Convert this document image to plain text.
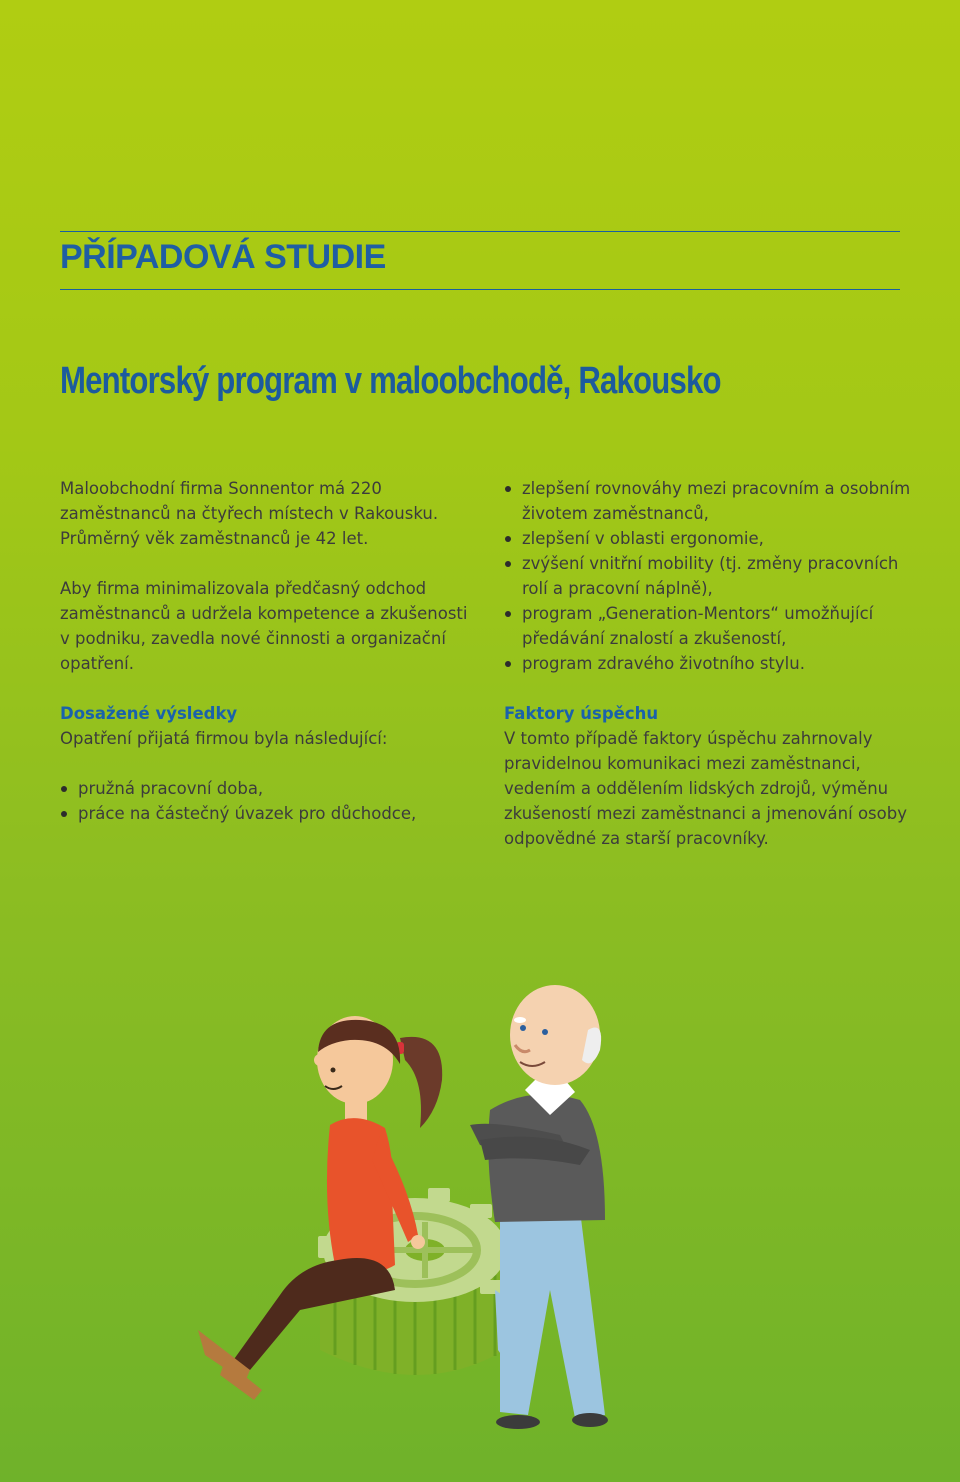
PŘÍPADOVÁ STUDIE
Mentorský program v maloobchodě, Rakousko

Maloobchodní firma Sonnentor má 220 zaměstnanců na čtyřech místech v Rakousku. Průměrný věk zaměstnanců je 42 let.

Aby firma minimalizovala předčasný odchod zaměstnanců a udržela kompetence a zkušenosti v podniku, zavedla nové činnosti a organizační opatření.

Dosažené výsledky

Opatření přijatá firmou byla následující:

pružná pracovní doba,
práce na částečný úvazek pro důchodce,
zlepšení rovnováhy mezi pracovním a osobním životem zaměstnanců,
zlepšení v oblasti ergonomie,
zvýšení vnitřní mobility (tj. změny pracovních rolí a pracovní náplně),
program „Generation-Mentors“ umožňující předávání znalostí a zkušeností,
program zdravého životního stylu.

Faktory úspěchu

V tomto případě faktory úspěchu zahrnovaly pravidelnou komunikaci mezi zaměstnanci, vedením a oddělením lidských zdrojů, výměnu zkušeností mezi zaměstnanci a jmenování osoby odpovědné za starší pracovníky.
